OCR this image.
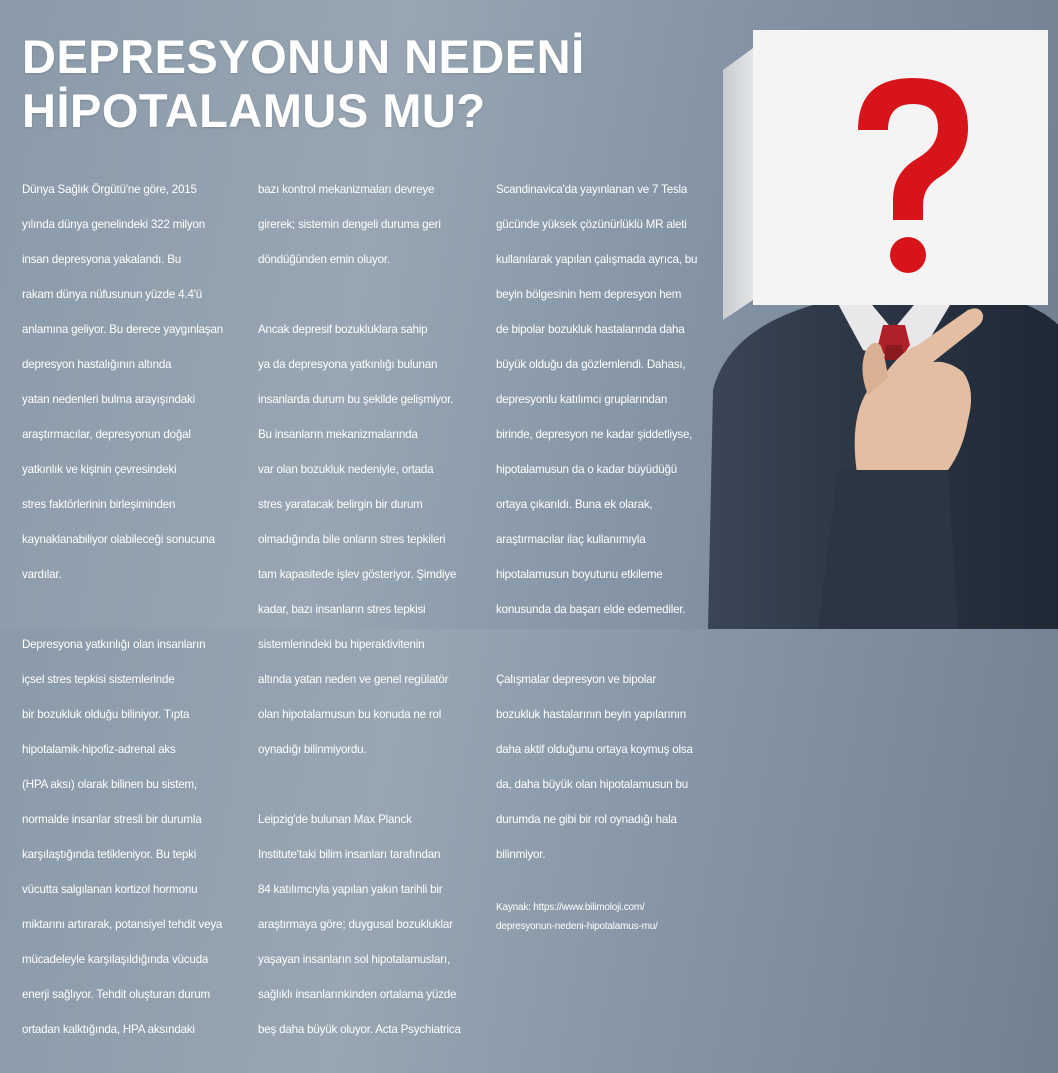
DEPRESYONUN NEDENİ
HİPOTALAMUS MU?

Dünya Sağlık Örgütü'ne göre, 2015

yılında dünya genelindeki 322 milyon

insan depresyona yakalandı. Bu

rakam dünya nüfusunun yüzde 4.4'ü

anlamına geliyor. Bu derece yaygınlaşan

depresyon hastalığının altında

yatan nedenleri bulma arayışındaki

araştırmacılar, depresyonun doğal

yatkınlık ve kişinin çevresindeki

stres faktörlerinin birleşiminden

kaynaklanabiliyor olabileceği sonucuna

vardılar.

Depresyona yatkınlığı olan insanların

içsel stres tepkisi sistemlerinde

bir bozukluk olduğu biliniyor. Tıpta

hipotalamik-hipofiz-adrenal aks

(HPA aksı) olarak bilinen bu sistem,

normalde insanlar stresli bir durumla

karşılaştığında tetikleniyor. Bu tepki

vücutta salgılanan kortizol hormonu

miktarını artırarak, potansiyel tehdit veya

mücadeleyle karşılaşıldığında vücuda

enerji sağlıyor. Tehdit oluşturan durum

ortadan kalktığında, HPA aksındaki

bazı kontrol mekanizmaları devreye

girerek; sistemin dengeli duruma geri

döndüğünden emin oluyor.

Ancak depresif bozukluklara sahip

ya da depresyona yatkınlığı bulunan

insanlarda durum bu şekilde gelişmiyor.

Bu insanların mekanizmalarında

var olan bozukluk nedeniyle, ortada

stres yaratacak belirgin bir durum

olmadığında bile onların stres tepkileri

tam kapasitede işlev gösteriyor. Şimdiye

kadar, bazı insanların stres tepkisi

sistemlerindeki bu hiperaktivitenin

altında yatan neden ve genel regülatör

olan hipotalamusun bu konuda ne rol

oynadığı bilinmiyordu.

Leipzig'de bulunan Max Planck

Institute'taki bilim insanları tarafından

84 katılımcıyla yapılan yakın tarihli bir

araştırmaya göre; duygusal bozukluklar

yaşayan insanların sol hipotalamusları,

sağlıklı insanlarınkinden ortalama yüzde

beş daha büyük oluyor. Acta Psychiatrica

Scandinavica'da yayınlanan ve 7 Tesla

gücünde yüksek çözünürlüklü MR aleti

kullanılarak yapılan çalışmada ayrıca, bu

beyin bölgesinin hem depresyon hem

de bipolar bozukluk hastalarında daha

büyük olduğu da gözlemlendi. Dahası,

depresyonlu katılımcı gruplarından

birinde, depresyon ne kadar şiddetliyse,

hipotalamusun da o kadar büyüdüğü

ortaya çıkarıldı. Buna ek olarak,

araştırmacılar ilaç kullanımıyla

hipotalamusun boyutunu etkileme

konusunda da başarı elde edemediler.

Çalışmalar depresyon ve bipolar

bozukluk hastalarının beyin yapılarının

daha aktif olduğunu ortaya koymuş olsa

da, daha büyük olan hipotalamusun bu

durumda ne gibi bir rol oynadığı hala

bilinmiyor.

Kaynak: https://www.bilimoloji.com/
depresyonun-nedeni-hipotalamus-mu/
